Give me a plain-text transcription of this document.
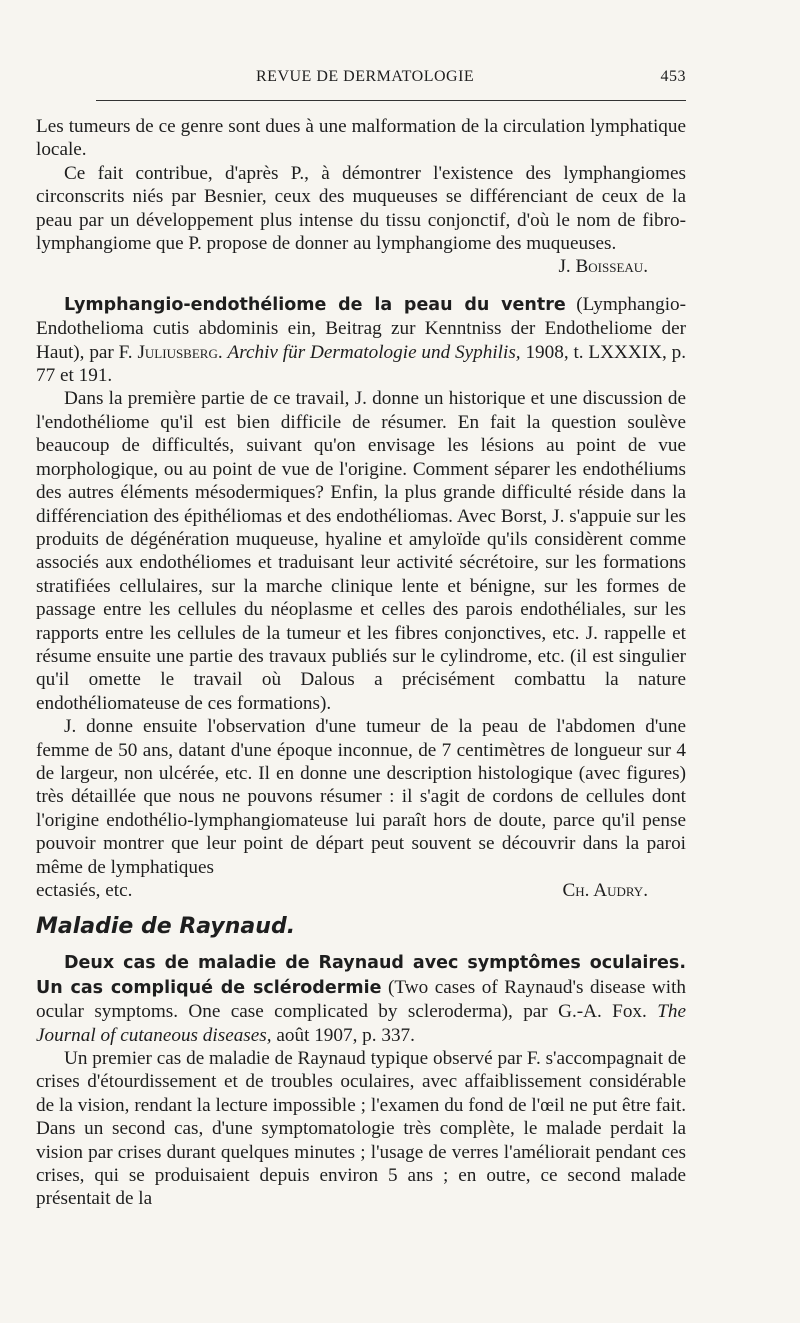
REVUE DE DERMATOLOGIE	453

Les tumeurs de ce genre sont dues à une malformation de la circulation lymphatique locale.

Ce fait contribue, d'après P., à démontrer l'existence des lymphangiomes circonscrits niés par Besnier, ceux des muqueuses se différenciant de ceux de la peau par un développement plus intense du tissu conjonctif, d'où le nom de fibro-lymphangiome que P. propose de donner au lymphangiome des muqueuses.

J. Boisseau.

Lymphangio-endothéliome de la peau du ventre (Lymphangio-Endothelioma cutis abdominis ein, Beitrag zur Kenntniss der Endotheliome der Haut), par F. Juliusberg. Archiv für Dermatologie und Syphilis, 1908, t. LXXXIX, p. 77 et 191.

Dans la première partie de ce travail, J. donne un historique et une discussion de l'endothéliome qu'il est bien difficile de résumer. En fait la question soulève beaucoup de difficultés, suivant qu'on envisage les lésions au point de vue morphologique, ou au point de vue de l'origine. Comment séparer les endothéliums des autres éléments mésodermiques? Enfin, la plus grande difficulté réside dans la différenciation des épithéliomas et des endothéliomas. Avec Borst, J. s'appuie sur les produits de dégénération muqueuse, hyaline et amyloïde qu'ils considèrent comme associés aux endothéliomes et traduisant leur activité sécrétoire, sur les formations stratifiées cellulaires, sur la marche clinique lente et bénigne, sur les formes de passage entre les cellules du néoplasme et celles des parois endothéliales, sur les rapports entre les cellules de la tumeur et les fibres conjonctives, etc. J. rappelle et résume ensuite une partie des travaux publiés sur le cylindrome, etc. (il est singulier qu'il omette le travail où Dalous a précisément combattu la nature endothéliomateuse de ces formations).

J. donne ensuite l'observation d'une tumeur de la peau de l'abdomen d'une femme de 50 ans, datant d'une époque inconnue, de 7 centimètres de longueur sur 4 de largeur, non ulcérée, etc. Il en donne une description histologique (avec figures) très détaillée que nous ne pouvons résumer : il s'agit de cordons de cellules dont l'origine endothélio-lymphangiomateuse lui paraît hors de doute, parce qu'il pense pouvoir montrer que leur point de départ peut souvent se découvrir dans la paroi même de lymphatiques

ectasiés, etc.	Ch. Audry.
Maladie de Raynaud.

Deux cas de maladie de Raynaud avec symptômes oculaires. Un cas compliqué de sclérodermie (Two cases of Raynaud's disease with ocular symptoms. One case complicated by scleroderma), par G.-A. Fox. The Journal of cutaneous diseases, août 1907, p. 337.

Un premier cas de maladie de Raynaud typique observé par F. s'accompagnait de crises d'étourdissement et de troubles oculaires, avec affaiblissement considérable de la vision, rendant la lecture impossible ; l'examen du fond de l'œil ne put être fait. Dans un second cas, d'une symptomatologie très complète, le malade perdait la vision par crises durant quelques minutes ; l'usage de verres l'améliorait pendant ces crises, qui se produisaient depuis environ 5 ans ; en outre, ce second malade présentait de la
